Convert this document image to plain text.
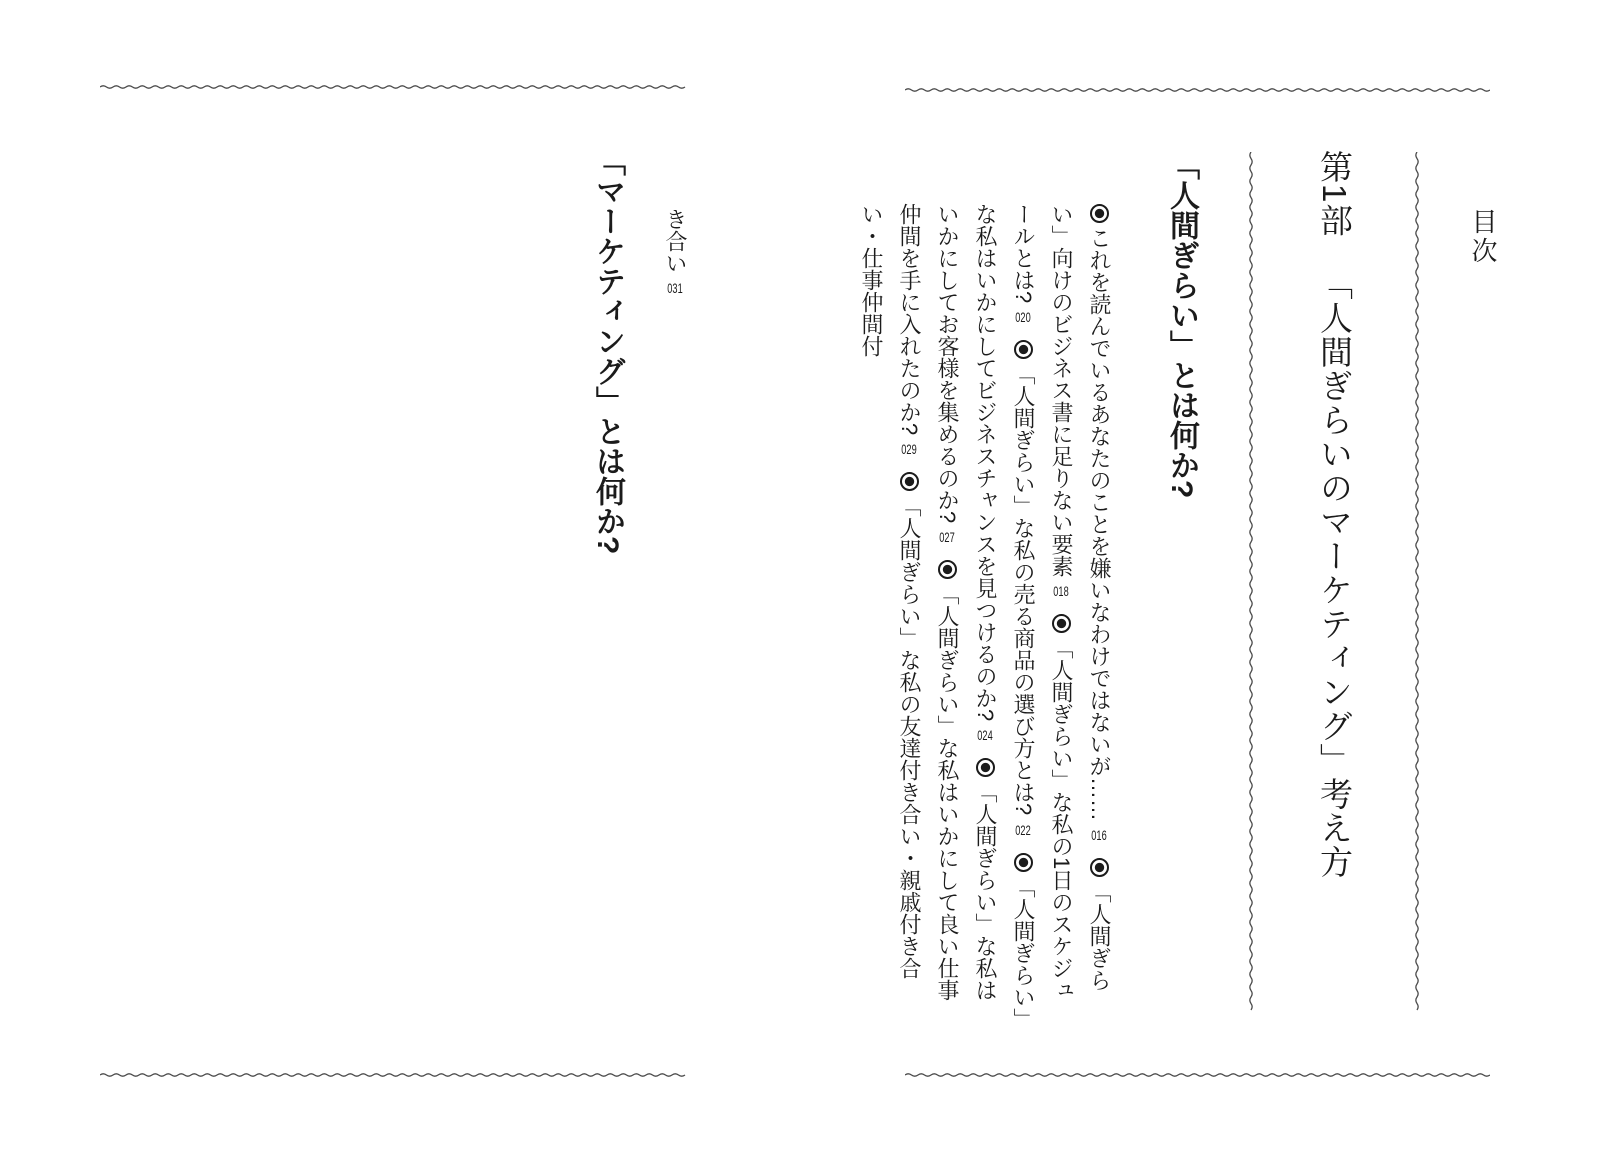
き合い031
「マーケティング」とは何か?	目次
第1部「人間ぎらいのマーケティング」考え方
「人間ぎらい」とは何か?
これを読んでいるあなたのことを嫌いなわけではないが……016「人間ぎらい」向けのビジネス書に足りない要素018「人間ぎらい」な私の1日のスケジュールとは?020「人間ぎらい」な私の売る商品の選び方とは?022「人間ぎらい」な私はいかにしてビジネスチャンスを見つけるのか?024「人間ぎらい」な私はいかにしてお客様を集めるのか?027「人間ぎらい」な私はいかにして良い仕事仲間を手に入れたのか?029「人間ぎらい」な私の友達付き合い・親戚付き合い・仕事仲間付
